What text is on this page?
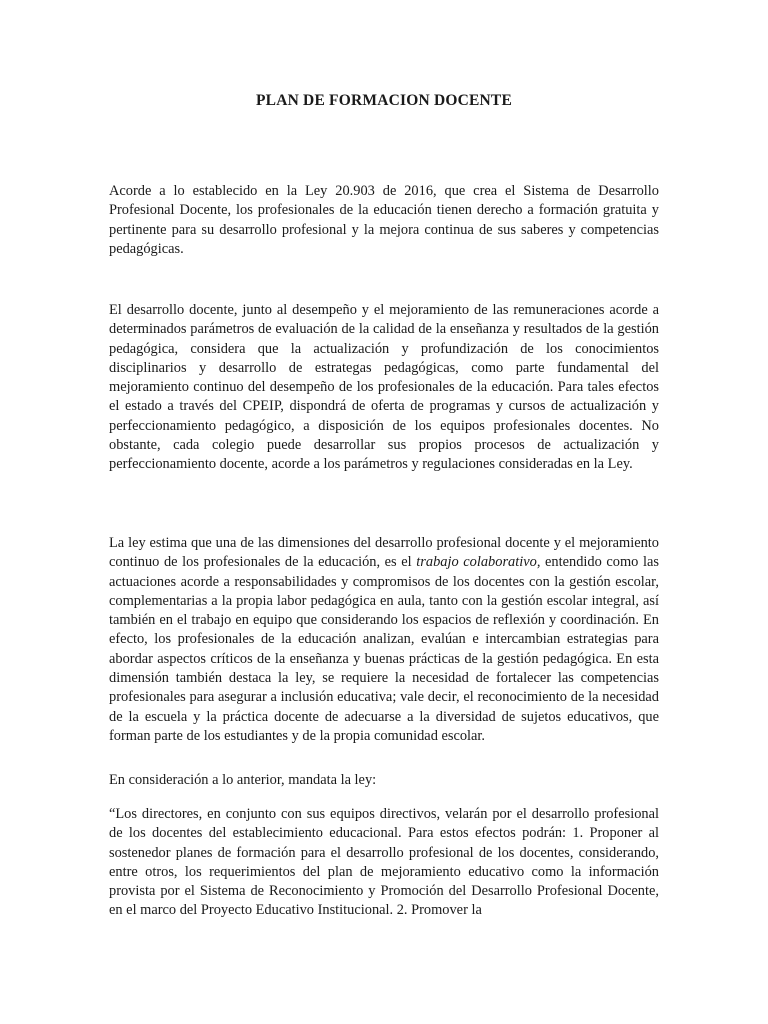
PLAN DE FORMACION DOCENTE

Acorde a lo establecido en la Ley 20.903 de 2016, que crea el Sistema de Desarrollo Profesional Docente, los profesionales de la educación tienen derecho a formación gratuita y pertinente para su desarrollo profesional y la mejora continua de sus saberes y competencias pedagógicas.

El desarrollo docente, junto al desempeño y el mejoramiento de las remuneraciones acorde a determinados parámetros de evaluación de la calidad de la enseñanza y resultados de la gestión pedagógica, considera que la actualización y profundización de los conocimientos disciplinarios y desarrollo de estrategas pedagógicas, como parte fundamental del mejoramiento continuo del desempeño de los profesionales de la educación. Para tales efectos el estado a través del CPEIP, dispondrá de oferta de programas y cursos de actualización y perfeccionamiento pedagógico, a disposición de los equipos profesionales docentes. No obstante, cada colegio puede desarrollar sus propios procesos de actualización y perfeccionamiento docente, acorde a los parámetros y regulaciones consideradas en la Ley.

La ley estima que una de las dimensiones del desarrollo profesional docente y el mejoramiento continuo de los profesionales de la educación, es el trabajo colaborativo, entendido como las actuaciones acorde a responsabilidades y compromisos de los docentes con la gestión escolar, complementarias a la propia labor pedagógica en aula, tanto con la gestión escolar integral, así también en el trabajo en equipo que considerando los espacios de reflexión y coordinación. En efecto, los profesionales de la educación analizan, evalúan e intercambian estrategias para abordar aspectos críticos de la enseñanza y buenas prácticas de la gestión pedagógica. En esta dimensión también destaca la ley, se requiere la necesidad de fortalecer las competencias profesionales para asegurar a inclusión educativa; vale decir, el reconocimiento de la necesidad de la escuela y la práctica docente de adecuarse a la diversidad de sujetos educativos, que forman parte de los estudiantes y de la propia comunidad escolar.

En consideración a lo anterior, mandata la ley:

“Los directores, en conjunto con sus equipos directivos, velarán por el desarrollo profesional de los docentes del establecimiento educacional. Para estos efectos podrán: 1. Proponer al sostenedor planes de formación para el desarrollo profesional de los docentes, considerando, entre otros, los requerimientos del plan de mejoramiento educativo como la información provista por el Sistema de Reconocimiento y Promoción del Desarrollo Profesional Docente, en el marco del Proyecto Educativo Institucional. 2. Promover la
